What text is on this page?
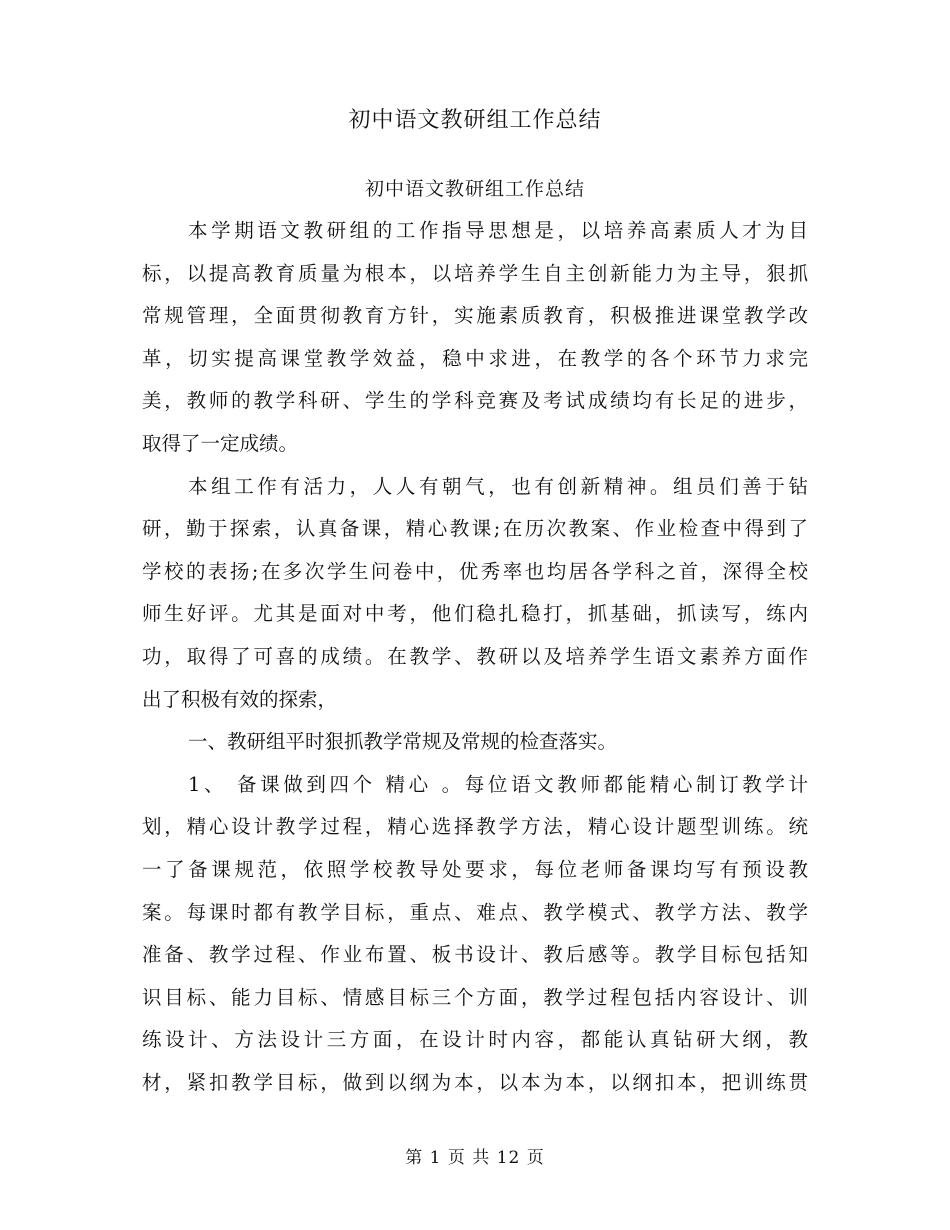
初中语文教研组工作总结
初中语文教研组工作总结
本学期语文教研组的工作指导思想是，以培养高素质人才为目
标，以提高教育质量为根本，以培养学生自主创新能力为主导，狠抓
常规管理，全面贯彻教育方针，实施素质教育，积极推进课堂教学改
革，切实提高课堂教学效益，稳中求进，在教学的各个环节力求完
美，教师的教学科研、学生的学科竞赛及考试成绩均有长足的进步，
取得了一定成绩。
本组工作有活力，人人有朝气，也有创新精神。组员们善于钻
研，勤于探索，认真备课，精心教课;在历次教案、作业检查中得到了
学校的表扬;在多次学生问卷中，优秀率也均居各学科之首，深得全校
师生好评。尤其是面对中考，他们稳扎稳打，抓基础，抓读写，练内
功，取得了可喜的成绩。在教学、教研以及培养学生语文素养方面作
出了积极有效的探索，
一、教研组平时狠抓教学常规及常规的检查落实。
1、 备课做到四个 精心 。每位语文教师都能精心制订教学计
划，精心设计教学过程，精心选择教学方法，精心设计题型训练。统
一了备课规范，依照学校教导处要求，每位老师备课均写有预设教
案。每课时都有教学目标，重点、难点、教学模式、教学方法、教学
准备、教学过程、作业布置、板书设计、教后感等。教学目标包括知
识目标、能力目标、情感目标三个方面，教学过程包括内容设计、训
练设计、方法设计三方面，在设计时内容，都能认真钻研大纲，教
材，紧扣教学目标，做到以纲为本，以本为本，以纲扣本，把训练贯
第 1 页 共 12 页
